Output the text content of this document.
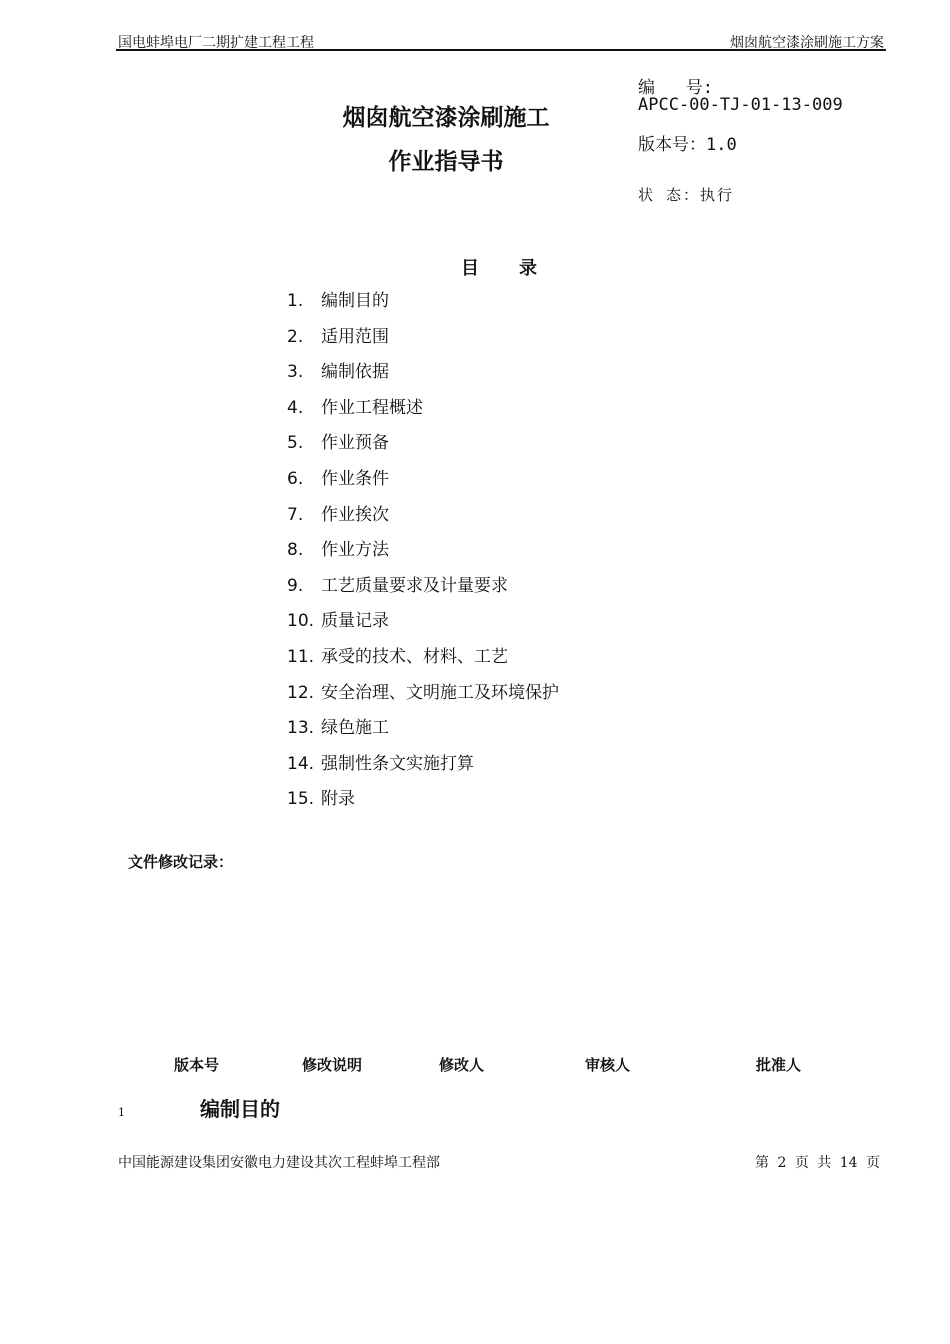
国电蚌埠电厂二期扩建工程工程	烟囱航空漆涂刷施工方案
烟囱航空漆涂刷施工
作业指导书
编   号:
APCC-00-TJ-01-13-009
版本号：1.0
状 态：执行
目录
1.	编制目的
2.	适用范围
3.	编制依据
4.	作业工程概述
5.	作业预备
6.	作业条件
7.	作业挨次
8.	作业方法
9.	工艺质量要求及计量要求
10. 质量记录
11. 承受的技术、材料、工艺
12. 安全治理、文明施工及环境保护
13. 绿色施工
14. 强制性条文实施打算
15. 附录
文件修改记录：
版本号	修改说明	修改人	审核人	批准人
1	编制目的
中国能源建设集团安徽电力建设其次工程蚌埠工程部	第 2 页 共 14 页
